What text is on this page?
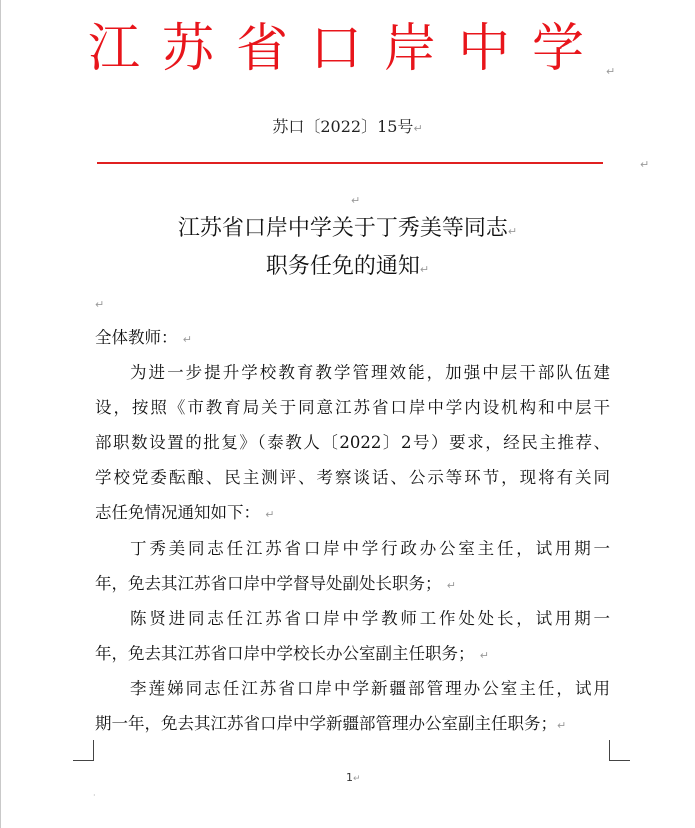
江苏省口岸中学 ↵
苏口〔2022〕15号↵
↵
↵
江苏省口岸中学关于丁秀美等同志↵
职务任免的通知↵
↵
全体教师： ↵
为进一步提升学校教育教学管理效能，加强中层干部队伍建
设，按照《市教育局关于同意江苏省口岸中学内设机构和中层干
部职数设置的批复》（泰教人〔2022〕2号）要求，经民主推荐、
学校党委酝酿、民主测评、考察谈话、公示等环节，现将有关同
志任免情况通知如下： ↵
丁秀美同志任江苏省口岸中学行政办公室主任，试用期一
年，免去其江苏省口岸中学督导处副处长职务； ↵
陈贤进同志任江苏省口岸中学教师工作处处长，试用期一
年，免去其江苏省口岸中学校长办公室副主任职务； ↵
李莲娣同志任江苏省口岸中学新疆部管理办公室主任，试用
期一年，免去其江苏省口岸中学新疆部管理办公室副主任职务；↵
1↵
·
